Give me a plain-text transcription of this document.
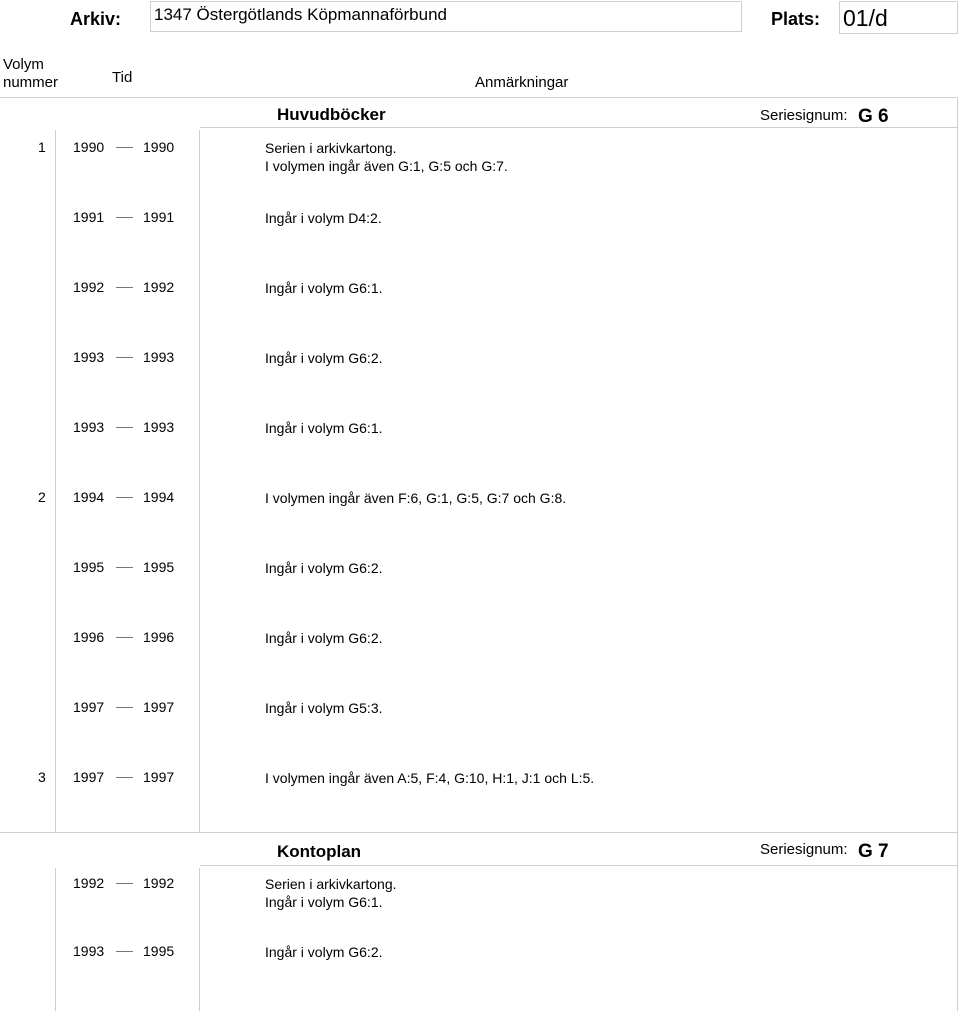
Arkiv: 1347 Östergötlands Köpmannaförbund	Plats: 01/d
Volym
nummer	Tid	Anmärkningar
Huvudböcker	Seriesignum: G 6
1 1990	1990	Serien i arkivkartong.
I volymen ingår även G:1, G:5 och G:7.
1991	1991	Ingår i volym D4:2.
1992	1992	Ingår i volym G6:1.
1993	1993	Ingår i volym G6:2.
1993	1993	Ingår i volym G6:1.
2 1994	1994	I volymen ingår även F:6, G:1, G:5, G:7 och G:8.
1995	1995	Ingår i volym G6:2.
1996	1996	Ingår i volym G6:2.
1997	1997	Ingår i volym G5:3.
3 1997	1997	I volymen ingår även A:5, F:4, G:10, H:1, J:1 och L:5.
Kontoplan	Seriesignum: G 7
1992	1992	Serien i arkivkartong.
Ingår i volym G6:1.
1993	1995	Ingår i volym G6:2.
